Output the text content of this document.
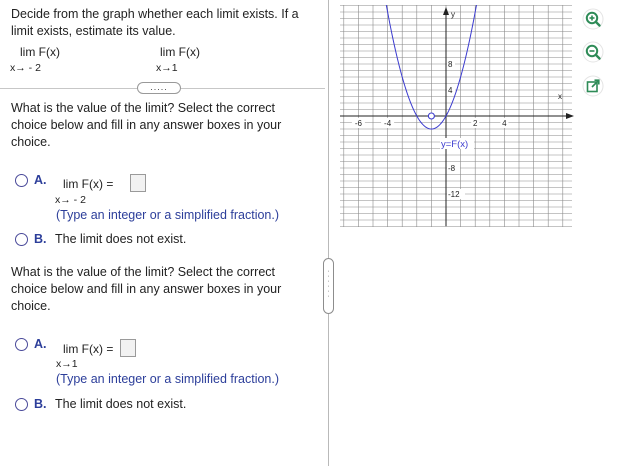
Decide from the graph whether each limit exists. If a
limit exists, estimate its value.
lim F(x)
x→ - 2
lim F(x)
x→1
.....
What is the value of the limit? Select the correct
choice below and fill in any answer boxes in your
choice.
A. lim F(x) =
x→ - 2
(Type an integer or a simplified fraction.)
B. The limit does not exist.
What is the value of the limit? Select the correct
choice below and fill in any answer boxes in your
choice.
A. lim F(x) =
x→1
(Type an integer or a simplified fraction.)
B. The limit does not exist.
·
·
·
·
·
·
-6	-4	2	4
8
4
-8
-12
x
y
y=F(x)
